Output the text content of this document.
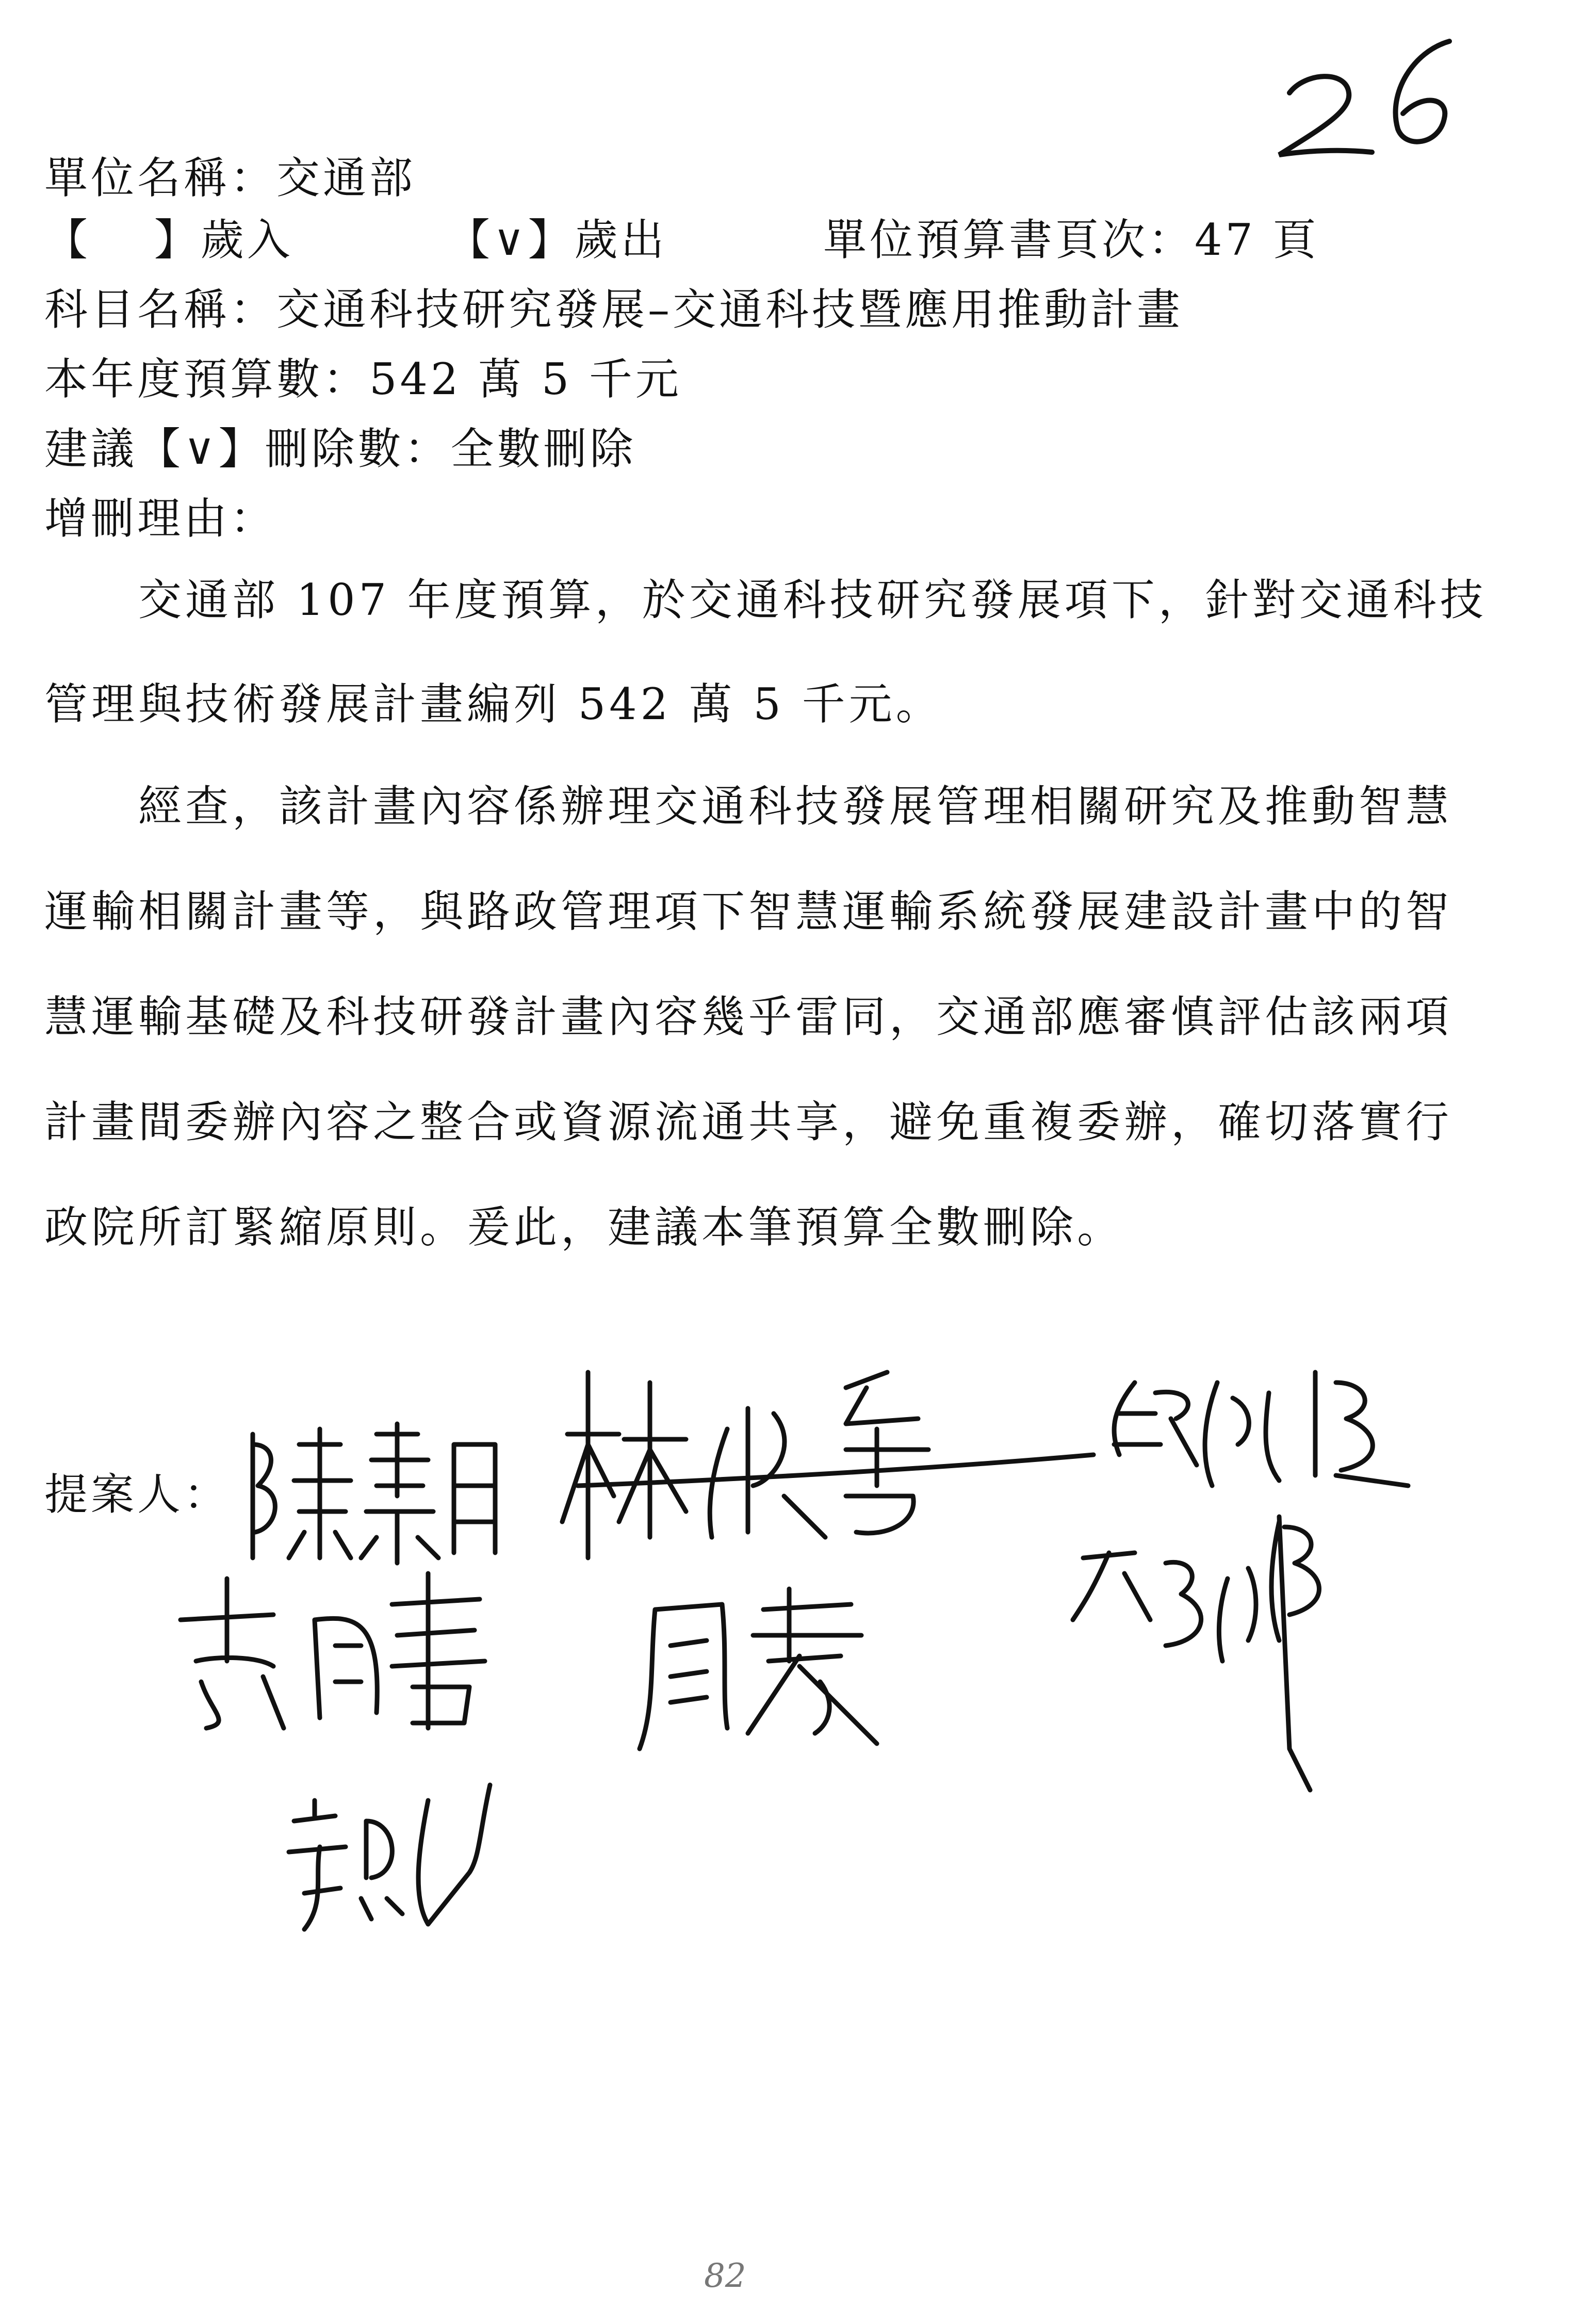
單位名稱：交通部
【　 】歲入	【∨】歲出	單位預算書頁次：47 頁
科目名稱：交通科技研究發展–交通科技暨應用推動計畫
本年度預算數：542 萬 5 千元
建議【∨】刪除數：全數刪除
增刪理由：
　　交通部 107 年度預算，於交通科技研究發展項下，針對交通科技
管理與技術發展計畫編列 542 萬 5 千元。
　　經查，該計畫內容係辦理交通科技發展管理相關研究及推動智慧
運輸相關計畫等，與路政管理項下智慧運輸系統發展建設計畫中的智
慧運輸基礎及科技研發計畫內容幾乎雷同，交通部應審慎評估該兩項
計畫間委辦內容之整合或資源流通共享，避免重複委辦，確切落實行
政院所訂緊縮原則。爰此，建議本筆預算全數刪除。
提案人：
82
